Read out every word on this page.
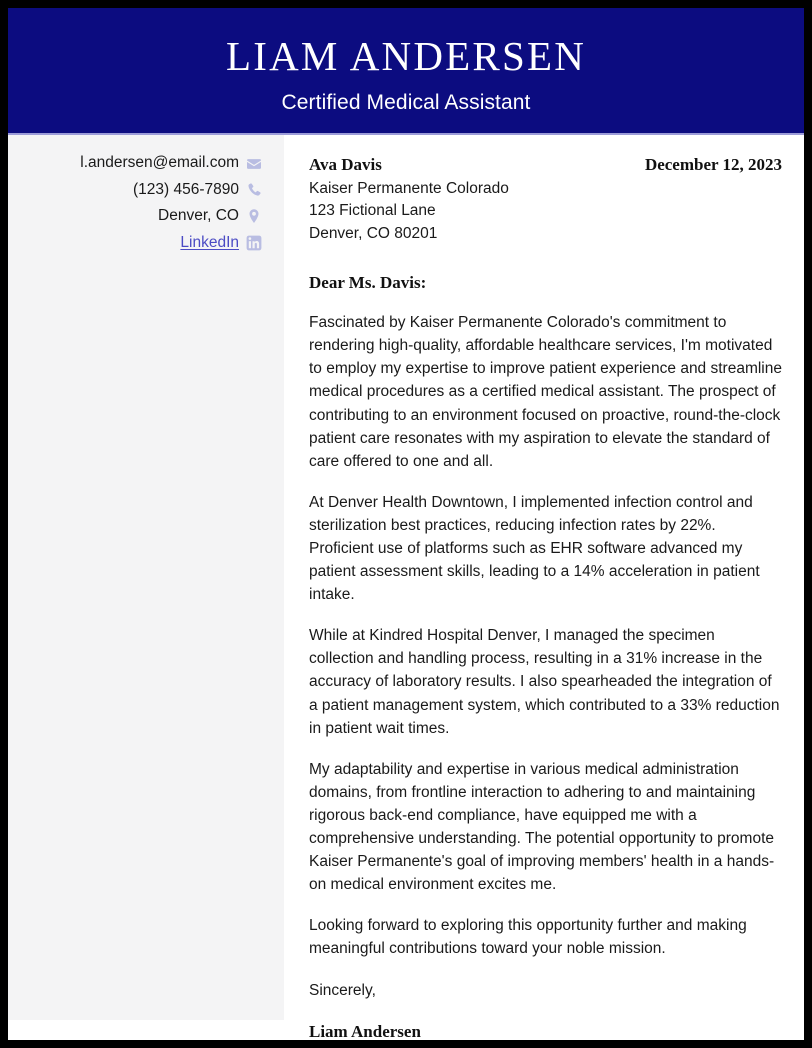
LIAM ANDERSEN
Certified Medical Assistant
l.andersen@email.com
(123) 456-7890
Denver, CO
LinkedIn
Ava Davis
Kaiser Permanente Colorado
123 Fictional Lane
Denver, CO 80201
December 12, 2023
Dear Ms. Davis:

Fascinated by Kaiser Permanente Colorado's commitment to rendering high-quality, affordable healthcare services, I'm motivated to employ my expertise to improve patient experience and streamline medical procedures as a certified medical assistant. The prospect of contributing to an environment focused on proactive, round-the-clock patient care resonates with my aspiration to elevate the standard of care offered to one and all.

At Denver Health Downtown, I implemented infection control and sterilization best practices, reducing infection rates by 22%. Proficient use of platforms such as EHR software advanced my patient assessment skills, leading to a 14% acceleration in patient intake.

While at Kindred Hospital Denver, I managed the specimen collection and handling process, resulting in a 31% increase in the accuracy of laboratory results. I also spearheaded the integration of a patient management system, which contributed to a 33% reduction in patient wait times.

My adaptability and expertise in various medical administration domains, from frontline interaction to adhering to and maintaining rigorous back-end compliance, have equipped me with a comprehensive understanding. The potential opportunity to promote Kaiser Permanente's goal of improving members' health in a hands-on medical environment excites me.

Looking forward to exploring this opportunity further and making meaningful contributions toward your noble mission.

Sincerely,
Liam Andersen
